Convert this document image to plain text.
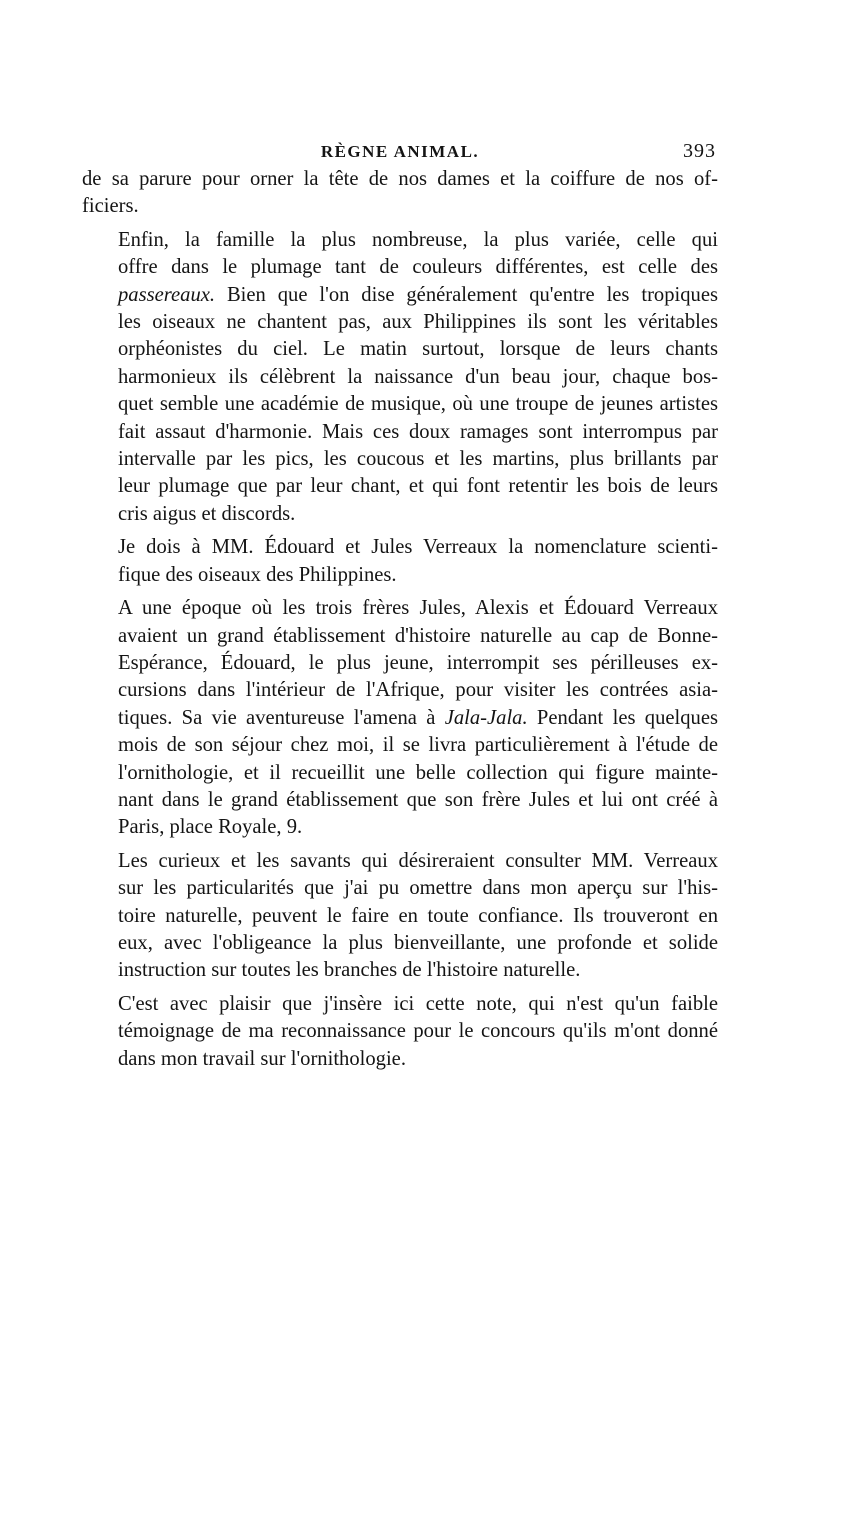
RÈGNE ANIMAL.	393

de sa parure pour orner la tête de nos dames et la coiffure de nos of-
ficiers.

Enfin, la famille la plus nombreuse, la plus variée, celle qui
offre dans le plumage tant de couleurs différentes, est celle des
passereaux. Bien que l'on dise généralement qu'entre les tropiques
les oiseaux ne chantent pas, aux Philippines ils sont les véritables
orphéonistes du ciel. Le matin surtout, lorsque de leurs chants
harmonieux ils célèbrent la naissance d'un beau jour, chaque bos-
quet semble une académie de musique, où une troupe de jeunes artistes
fait assaut d'harmonie. Mais ces doux ramages sont interrompus par
intervalle par les pics, les coucous et les martins, plus brillants par
leur plumage que par leur chant, et qui font retentir les bois de leurs
cris aigus et discords.

Je dois à MM. Édouard et Jules Verreaux la nomenclature scienti-
fique des oiseaux des Philippines.

A une époque où les trois frères Jules, Alexis et Édouard Verreaux
avaient un grand établissement d'histoire naturelle au cap de Bonne-
Espérance, Édouard, le plus jeune, interrompit ses périlleuses ex-
cursions dans l'intérieur de l'Afrique, pour visiter les contrées asia-
tiques. Sa vie aventureuse l'amena à Jala-Jala. Pendant les quelques
mois de son séjour chez moi, il se livra particulièrement à l'étude de
l'ornithologie, et il recueillit une belle collection qui figure mainte-
nant dans le grand établissement que son frère Jules et lui ont créé à
Paris, place Royale, 9.

Les curieux et les savants qui désireraient consulter MM. Verreaux
sur les particularités que j'ai pu omettre dans mon aperçu sur l'his-
toire naturelle, peuvent le faire en toute confiance. Ils trouveront en
eux, avec l'obligeance la plus bienveillante, une profonde et solide
instruction sur toutes les branches de l'histoire naturelle.

C'est avec plaisir que j'insère ici cette note, qui n'est qu'un faible
témoignage de ma reconnaissance pour le concours qu'ils m'ont donné
dans mon travail sur l'ornithologie.
